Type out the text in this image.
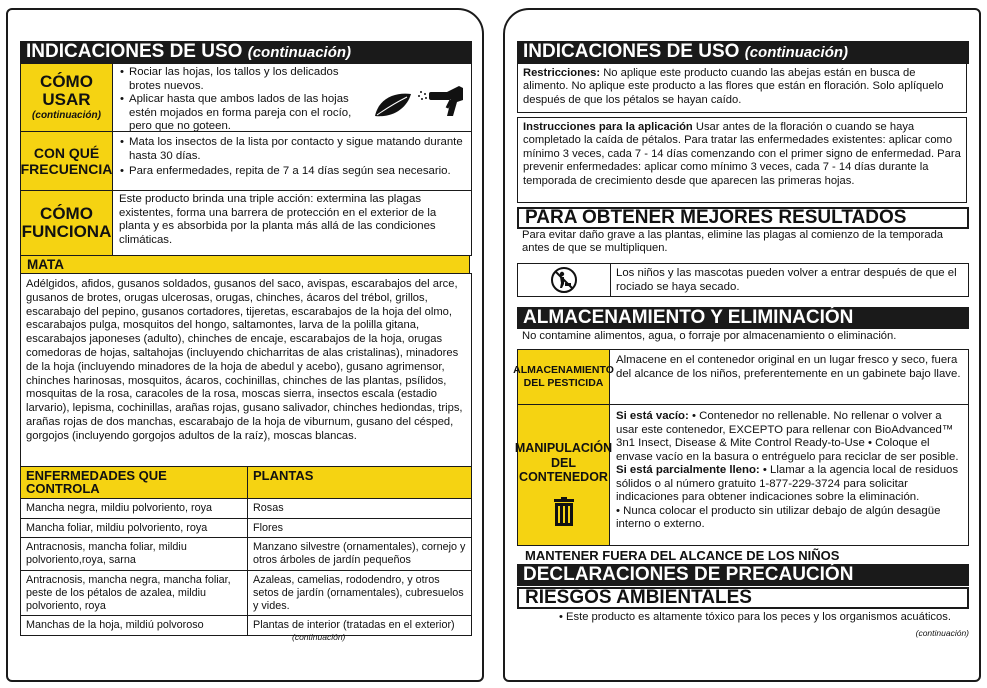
INDICACIONES DE USO (continuación)
CÓMO
USAR
(continuación)

• Rociar las hojas, los tallos y los delicados brotes nuevos.

• Aplicar hasta que ambos lados de las hojas estén mojados en forma pareja con el rocío, pero que no goteen.

CON QUÉ
FRECUENCIA

• Mata los insectos de la lista por contacto y sigue matando durante hasta 30 días.

• Para enfermedades, repita de 7 a 14 días según sea necesario.

CÓMO
FUNCIONA
Este producto brinda una triple acción: extermina las plagas existentes, forma una barrera de protección en el exterior de la planta y es absorbida por la planta más allá de las condiciones climáticas.
MATA
Adélgidos, afidos, gusanos soldados, gusanos del saco, avispas, escarabajos del arce, gusanos de brotes, orugas ulcerosas, orugas, chinches, ácaros del trébol, grillos, escarabajo del pepino, gusanos cortadores, tijeretas, escarabajos de la hoja del olmo, escarabajos pulga, mosquitos del hongo, saltamontes, larva de la polilla gitana, escarabajos japoneses (adulto), chinches de encaje, escarabajos de la hoja, orugas comedoras de hojas, saltahojas (incluyendo chicharritas de alas cristalinas), minadores de la hoja (incluyendo minadores de la hoja de abedul y acebo), gusano agrimensor, chinches harinosas, mosquitos, ácaros, cochinillas, chinches de las plantas, psílidos, mosquitas de la rosa, caracoles de la rosa, moscas sierra, insectos escala (estadio larvario), lepisma, cochinillas, arañas rojas, gusano salivador, chinches hediondas, trips, arañas rojas de dos manchas, escarabajo de la hoja de viburnum, gusano del césped, gorgojos (incluyendo gorgojos adultos de la raíz), moscas blancas.
ENFERMEDADES QUE CONTROLA	PLANTAS
Mancha negra, mildiu polvoriento, roya	Rosas
Mancha foliar, mildiu polvoriento, roya	Flores
Antracnosis, mancha foliar, mildiu polvoriento,roya, sarna	Manzano silvestre (ornamentales), cornejo y otros árboles de jardín pequeños
Antracnosis, mancha negra, mancha foliar, peste de los pétalos de azalea, mildiu polvoriento, roya	Azaleas, camelias, rododendro, y otros setos de jardín (ornamentales), cubresuelos y vides.
Manchas de la hoja, mildiú polvoroso	Plantas de interior (tratadas en el exterior)
(continuación)
INDICACIONES DE USO (continuación)
Restricciones: No aplique este producto cuando las abejas están en busca de alimento. No aplique este producto a las flores que están en floración. Solo aplíquelo después de que los pétalos se hayan caído.
Instrucciones para la aplicación Usar antes de la floración o cuando se haya completado la caída de pétalos. Para tratar las enfermedades existentes: aplicar como mínimo 3 veces, cada 7 - 14 días comenzando con el primer signo de enfermedad. Para prevenir enfermedades: aplicar como mínimo 3 veces, cada 7 - 14 días durante la temporada de crecimiento desde que aparecen las primeras hojas.
PARA OBTENER MEJORES RESULTADOS
Para evitar daño grave a las plantas, elimine las plagas al comienzo de la temporada antes de que se multipliquen.
Los niños y las mascotas pueden volver a entrar después de que el rociado se haya secado.
ALMACENAMIENTO Y ELIMINACIÓN
No contamine alimentos, agua, o forraje por almacenamiento o eliminación.
ALMACENAMIENTO
DEL PESTICIDA
Almacene en el contenedor original en un lugar fresco y seco, fuera del alcance de los niños, preferentemente en un gabinete bajo llave.
MANIPULACIÓN
DEL
CONTENEDOR
Si está vacío: • Contenedor no rellenable. No rellenar o volver a usar este contenedor, EXCEPTO para rellenar con BioAdvanced™ 3n1 Insect, Disease & Mite Control Ready-to-Use • Coloque el envase vacío en la basura o entréguelo para reciclar de ser posible.
Si está parcialmente lleno: • Llamar a la agencia local de residuos sólidos o al número gratuito 1-877-229-3724 para solicitar indicaciones para obtener indicaciones sobre la eliminación.
• Nunca colocar el producto sin utilizar debajo de algún desagüe interno o externo.
MANTENER FUERA DEL ALCANCE DE LOS NIÑOS
DECLARACIONES DE PRECAUCIÓN
RIESGOS AMBIENTALES
• Este producto es altamente tóxico para los peces y los organismos acuáticos.
(continuación)
